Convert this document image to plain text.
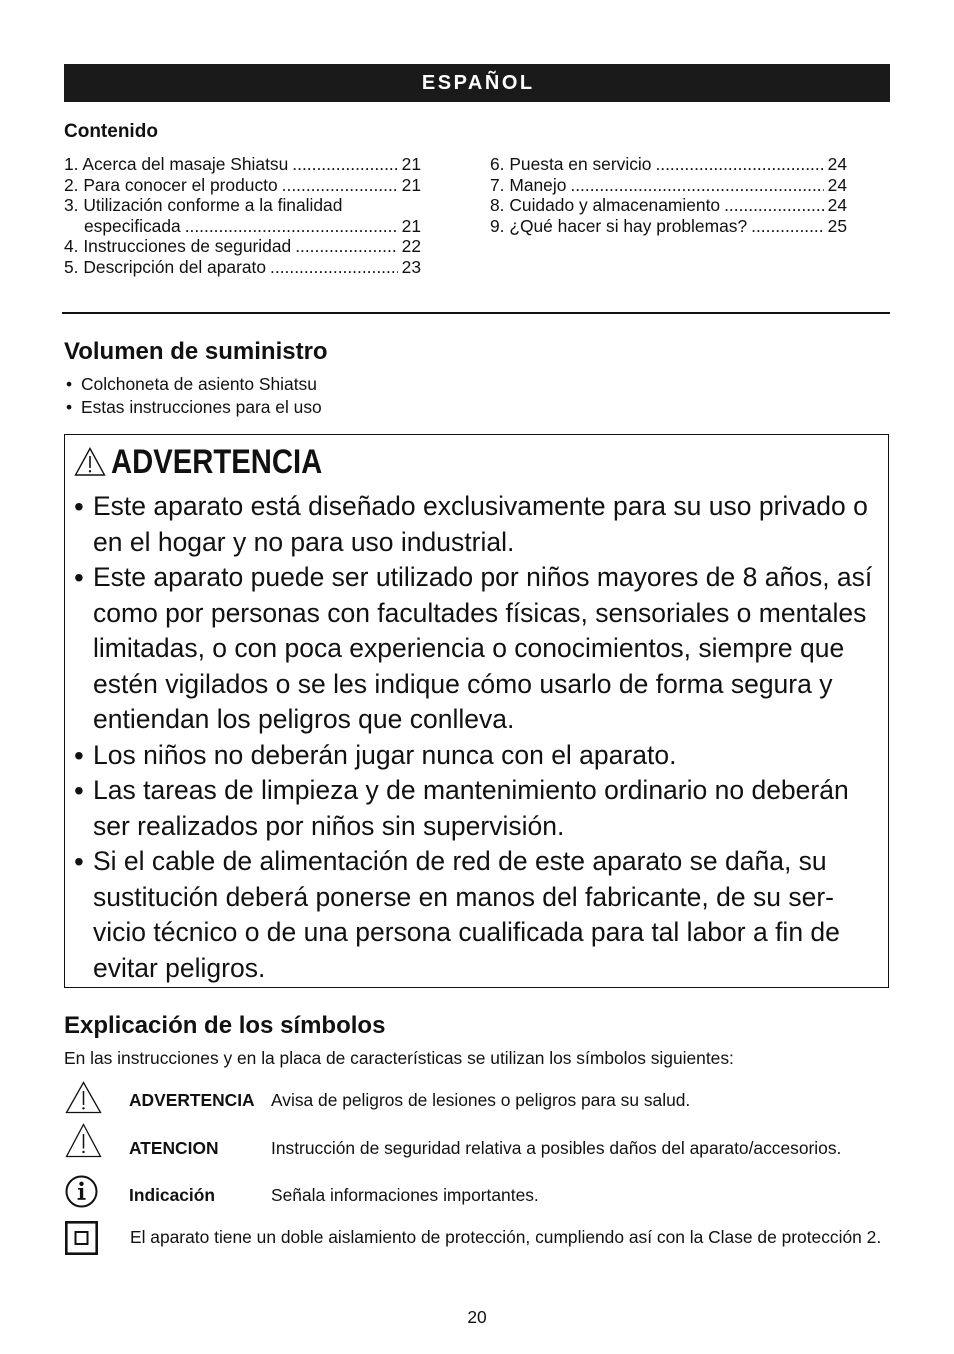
ESPAÑOL
Contenido
1. Acerca del masaje Shiatsu .....	21
2. Para conocer el producto .....	21
3. Utilización conforme a la finalidad
especificada .....	21
4. Instrucciones de seguridad .....	22
5. Descripción del aparato .....	23
6. Puesta en servicio .....	24
7. Manejo .....	24
8. Cuidado y almacenamiento .....	24
9. ¿Qué hacer si hay problemas? .....	25
Volumen de suministro
• Colchoneta de asiento Shiatsu
• Estas instrucciones para el uso
ADVERTENCIA
• Este aparato está diseñado exclusivamente para su uso privado o
en el hogar y no para uso industrial.
• Este aparato puede ser utilizado por niños mayores de 8 años, así
como por personas con facultades físicas, sensoriales o mentales
limitadas, o con poca experiencia o conocimientos, siempre que
estén vigilados o se les indique cómo usarlo de forma segura y
entiendan los peligros que conlleva.
• Los niños no deberán jugar nunca con el aparato.
• Las tareas de limpieza y de mantenimiento ordinario no deberán
ser realizados por niños sin supervisión.
• Si el cable de alimentación de red de este aparato se daña, su
sustitución deberá ponerse en manos del fabricante, de su ser-
vicio técnico o de una persona cualificada para tal labor a fin de
evitar peligros.
Explicación de los símbolos
En las instrucciones y en la placa de características se utilizan los símbolos siguientes:
ADVERTENCIA Avisa de peligros de lesiones o peligros para su salud.
ATENCION	Instrucción de seguridad relativa a posibles daños del aparato/accesorios.
Indicación	Señala informaciones importantes.
El aparato tiene un doble aislamiento de protección, cumpliendo así con la Clase de protección 2.
20
